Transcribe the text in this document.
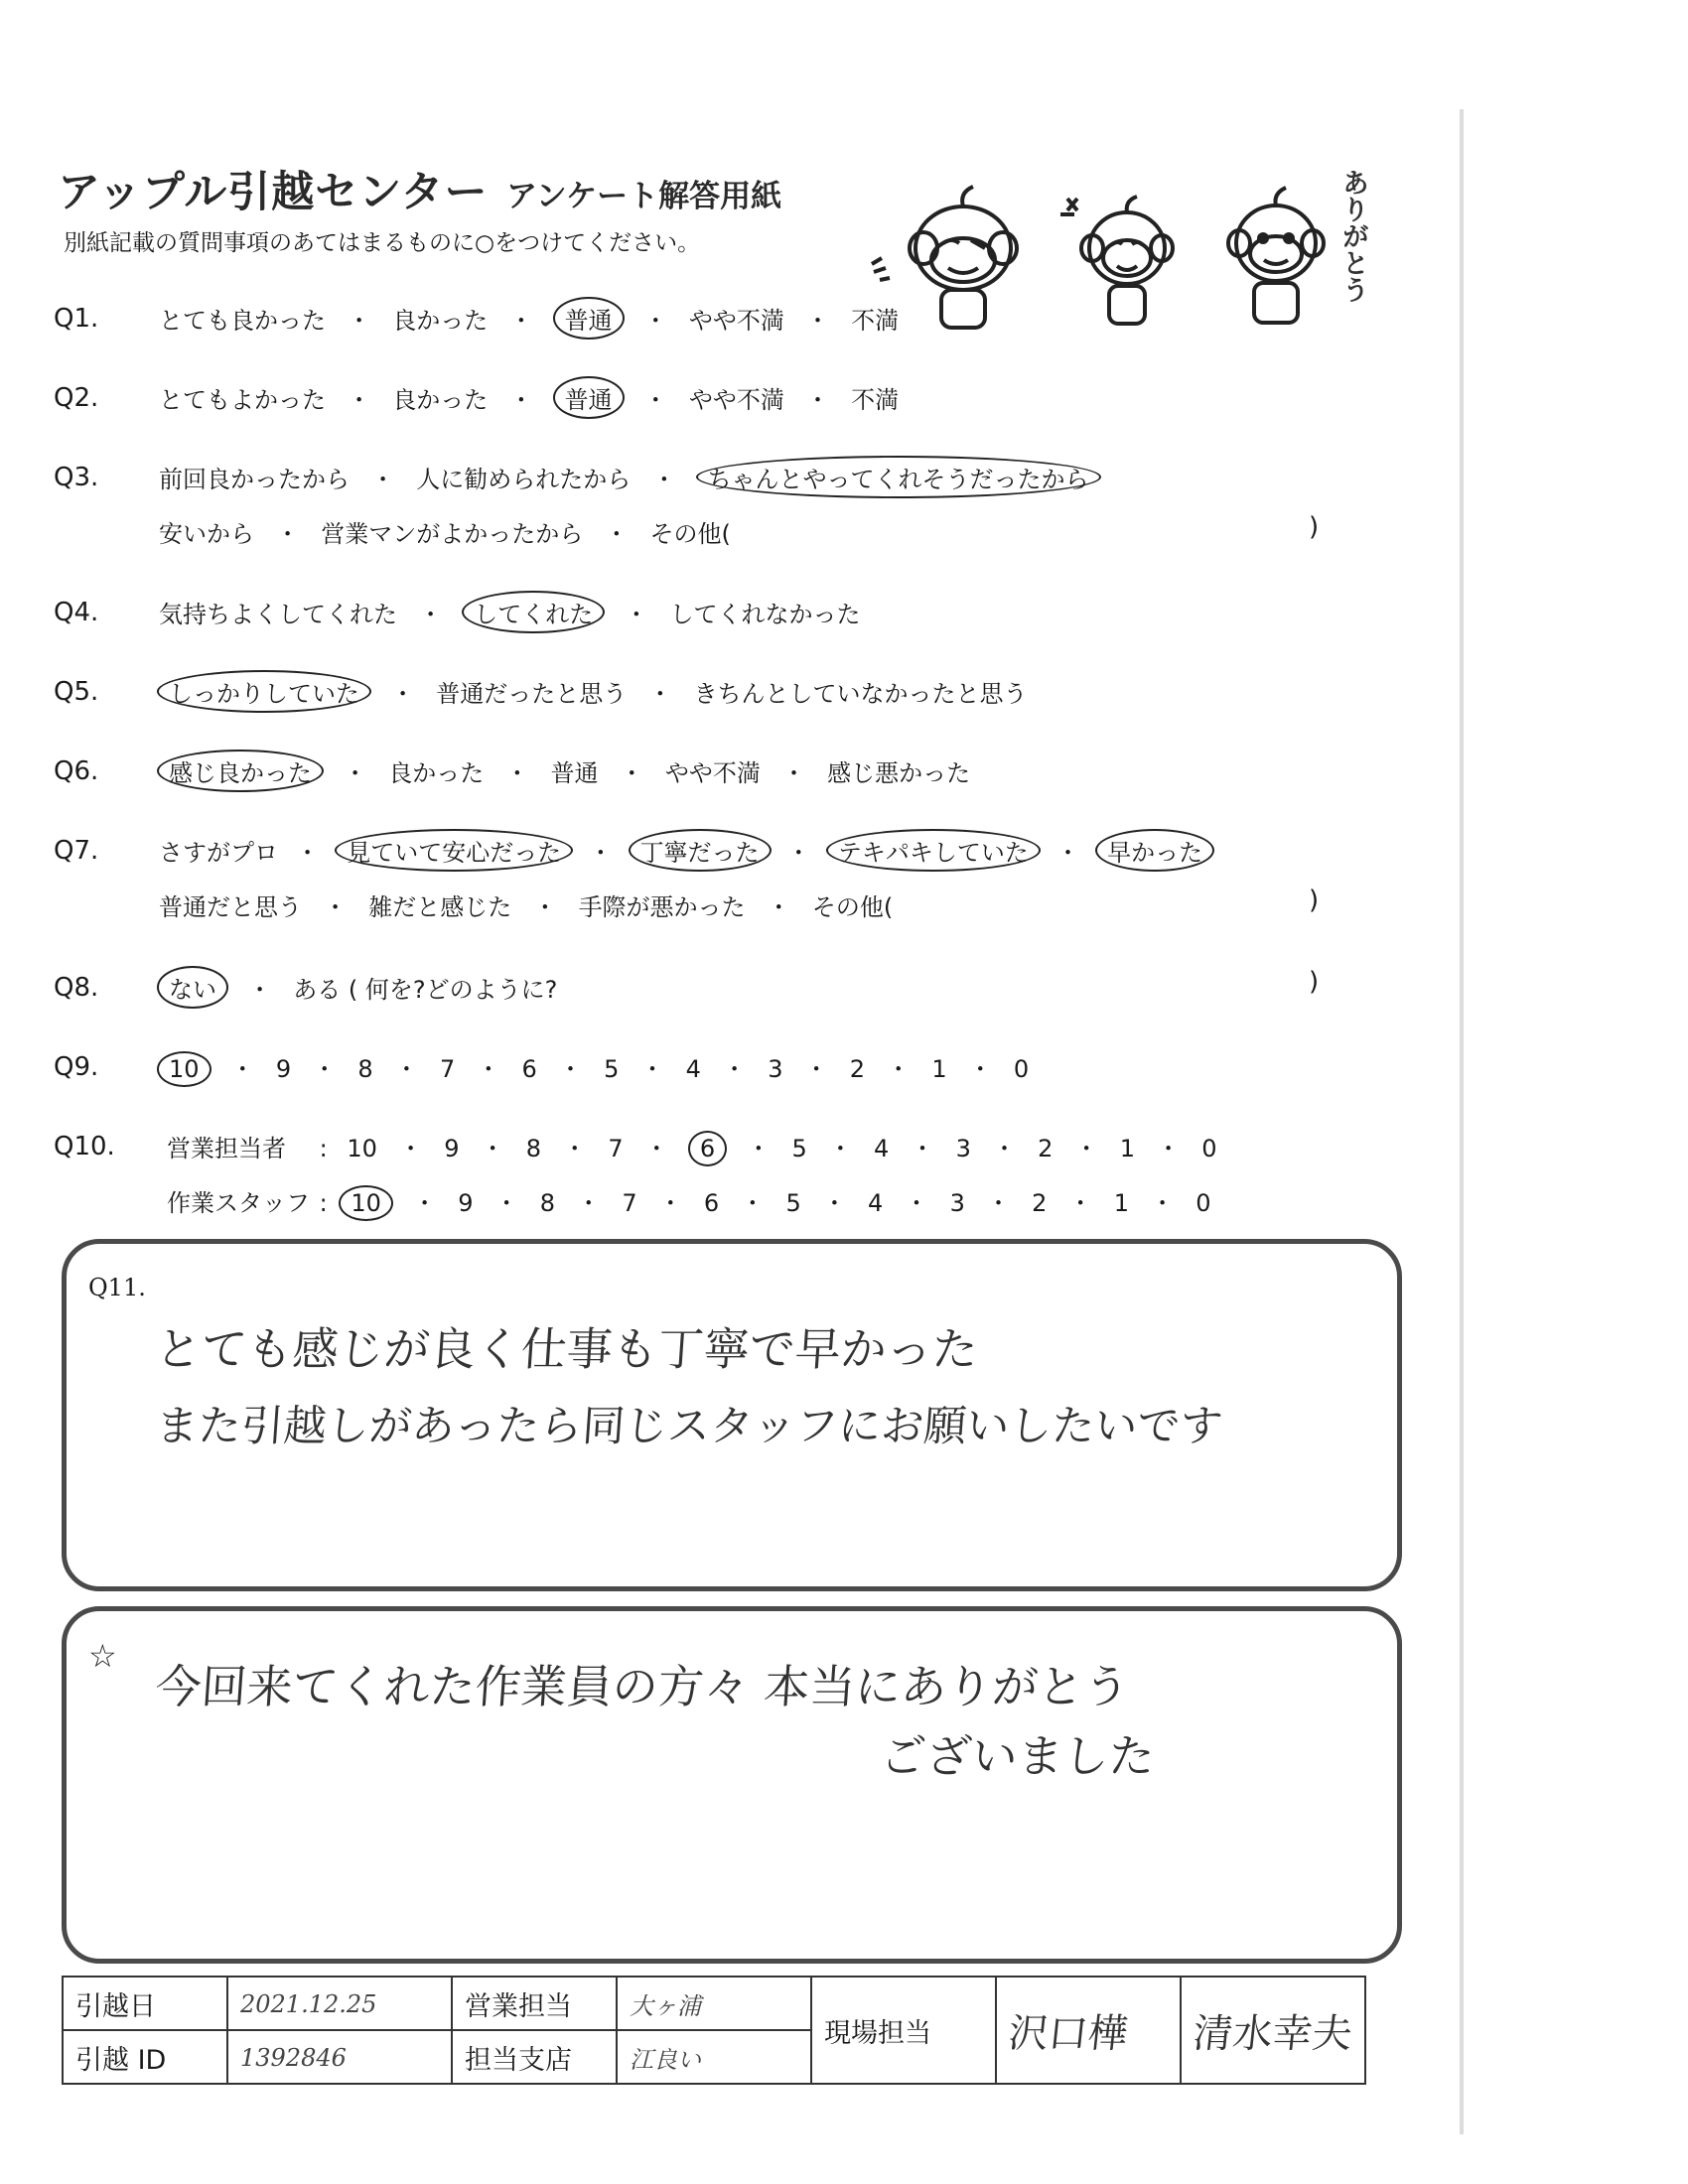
アップル引越センター アンケート解答用紙
別紙記載の質問事項のあてはまるものに○をつけてください。	ありがとう
Q1.	とても良かった ・ 良かった ・ 普通 ・ やや不満 ・ 不満
Q2.	とてもよかった ・ 良かった ・ 普通 ・ やや不満 ・ 不満
Q3.	前回良かったから ・ 人に勧められたから ・ ちゃんとやってくれそうだったから
安いから ・ 営業マンがよかったから ・ その他(	)
Q4.	気持ちよくしてくれた ・ してくれた ・ してくれなかった
Q5.	しっかりしていた ・ 普通だったと思う ・ きちんとしていなかったと思う
Q6.	感じ良かった ・ 良かった ・ 普通 ・ やや不満 ・ 感じ悪かった
Q7.	さすがプロ ・ 見ていて安心だった ・ 丁寧だった ・ テキパキしていた ・ 早かった
普通だと思う ・ 雑だと感じた ・ 手際が悪かった ・ その他(	)
Q8.	ない ・ ある ( 何を?どのように?	)
Q9.	10 ・ 9 ・ 8 ・ 7 ・ 6 ・ 5 ・ 4 ・ 3 ・ 2 ・ 1 ・ 0
Q10. 営業担当者 : 10 ・ 9 ・ 8 ・ 7 ・ 6 ・ 5 ・ 4 ・ 3 ・ 2 ・ 1 ・ 0
作業スタッフ : 10 ・ 9 ・ 8 ・ 7 ・ 6 ・ 5 ・ 4 ・ 3 ・ 2 ・ 1 ・ 0
Q11.
とても感じが良く仕事も丁寧で早かった
また引越しがあったら同じスタッフにお願いしたいです
☆
今回来てくれた作業員の方々 本当にありがとう
ございました
引越日	2021.12.25	営業担当	大ヶ浦	現場担当	沢口樺	清水幸夫
引越 ID	1392846	担当支店	江良い			
